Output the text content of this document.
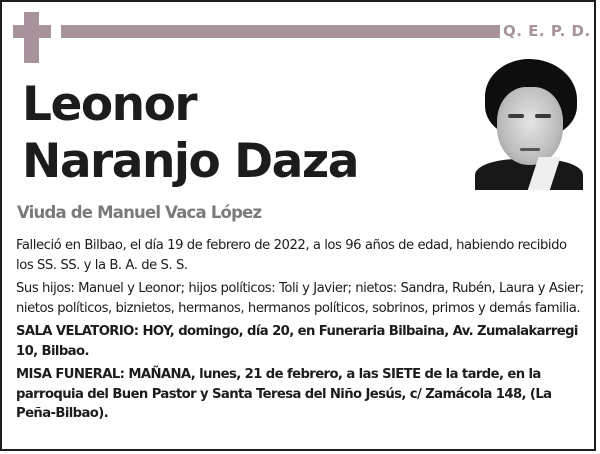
Q. E. P. D.
Leonor
Naranjo Daza
Viuda de Manuel Vaca López

Falleció en Bilbao, el día 19 de febrero de 2022, a los 96 años de edad, habiendo recibido los SS. SS. y la B. A. de S. S.

Sus hijos: Manuel y Leonor; hijos políticos: Toli y Javier; nietos: Sandra, Rubén, Laura y Asier; nietos políticos, biznietos, hermanos, hermanos políticos, sobrinos, primos y demás familia.

SALA VELATORIO: HOY, domingo, día 20, en Funeraria Bilbaina, Av. Zumalakarregi 10, Bilbao.

MISA FUNERAL: MAÑANA, lunes, 21 de febrero, a las SIETE de la tarde, en la parroquia del Buen Pastor y Santa Teresa del Niño Jesús, c/ Zamácola 148, (La Peña-Bilbao).
